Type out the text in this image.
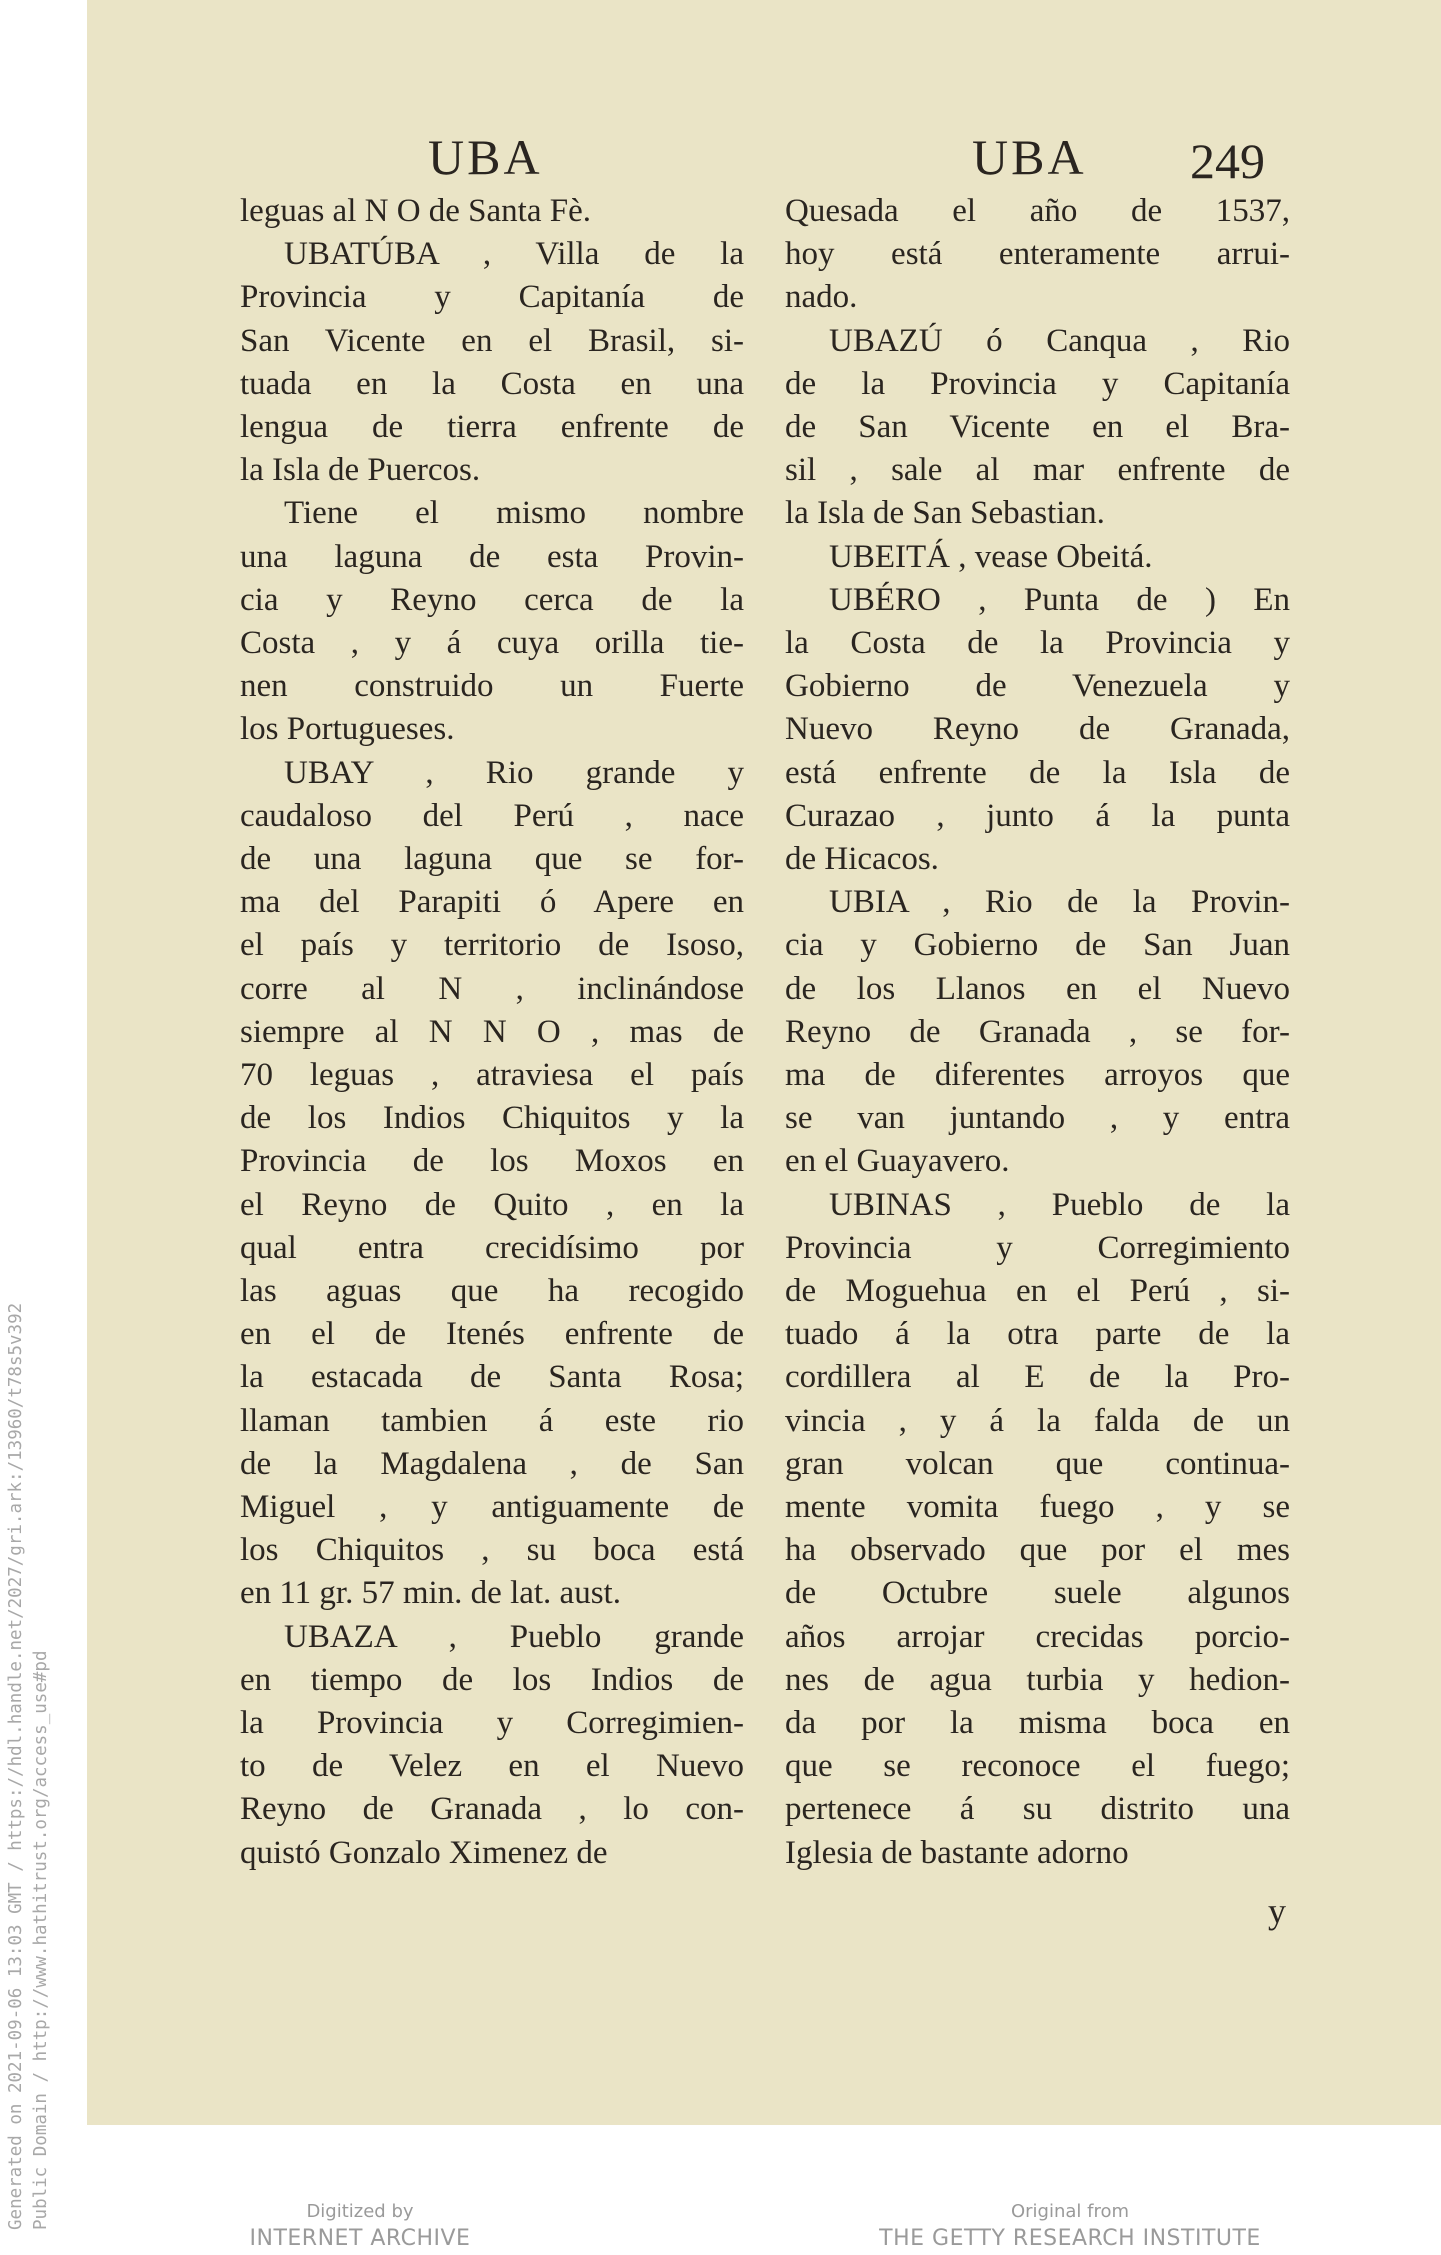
Generated on 2021-09-06 13:03 GMT / https://hdl.handle.net/2027/gri.ark:/13960/t78s5v392 Public Domain / http://www.hathitrust.org/access_use#pd
UBA	UBA 249
leguas al N O de Santa Fè.
UBATÚBA , Villa de la
Provincia y Capitanía de
San Vicente en el Brasil, si-
tuada en la Costa en una
lengua de tierra enfrente de
la Isla de Puercos.
Tiene el mismo nombre
una laguna de esta Provin-
cia y Reyno cerca de la
Costa , y á cuya orilla tie-
nen construido un Fuerte
los Portugueses.
UBAY , Rio grande y
caudaloso del Perú , nace
de una laguna que se for-
ma del Parapiti ó Apere en
el país y territorio de Isoso,
corre al N , inclinándose
siempre al N N O , mas de
70 leguas , atraviesa el país
de los Indios Chiquitos y la
Provincia de los Moxos en
el Reyno de Quito , en la
qual entra crecidísimo por
las aguas que ha recogido
en el de Itenés enfrente de
la estacada de Santa Rosa;
llaman tambien á este rio
de la Magdalena , de San
Miguel , y antiguamente de
los Chiquitos , su boca está
en 11 gr. 57 min. de lat. aust.
UBAZA , Pueblo grande
en tiempo de los Indios de
la Provincia y Corregimien-
to de Velez en el Nuevo
Reyno de Granada , lo con-
quistó Gonzalo Ximenez de
Quesada el año de 1537,
hoy está enteramente arrui-
nado.
UBAZÚ ó Canqua , Rio
de la Provincia y Capitanía
de San Vicente en el Bra-
sil , sale al mar enfrente de
la Isla de San Sebastian.
UBEITÁ , vease Obeitá.
UBÉRO , Punta de ) En
la Costa de la Provincia y
Gobierno de Venezuela y
Nuevo Reyno de Granada,
está enfrente de la Isla de
Curazao , junto á la punta
de Hicacos.
UBIA , Rio de la Provin-
cia y Gobierno de San Juan
de los Llanos en el Nuevo
Reyno de Granada , se for-
ma de diferentes arroyos que
se van juntando , y entra
en el Guayavero.
UBINAS , Pueblo de la
Provincia y Corregimiento
de Moguehua en el Perú , si-
tuado á la otra parte de la
cordillera al E de la Pro-
vincia , y á la falda de un
gran volcan que continua-
mente vomita fuego , y se
ha observado que por el mes
de Octubre suele algunos
años arrojar crecidas porcio-
nes de agua turbia y hedion-
da por la misma boca en
que se reconoce el fuego;
pertenece á su distrito una
Iglesia de bastante adorno
y
Digitized by
INTERNET ARCHIVE
Original from
THE GETTY RESEARCH INSTITUTE
